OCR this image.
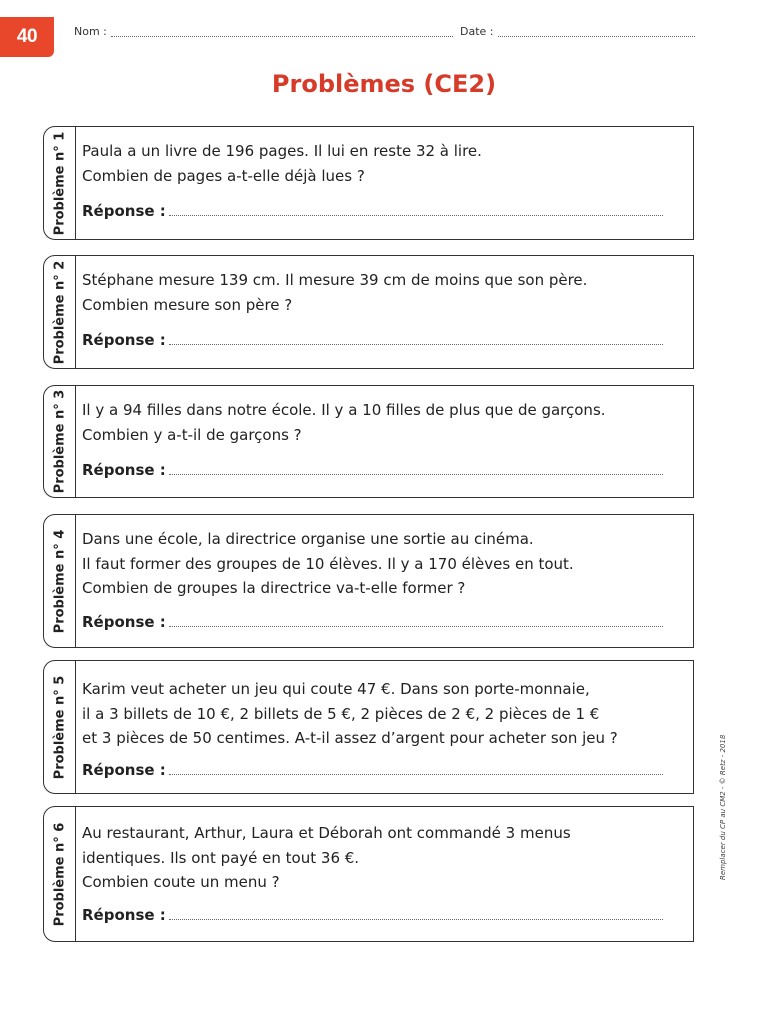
40	Nom :	Date :
Problèmes (CE2)
Problème n° 1 Paula a un livre de 196 pages. Il lui en reste 32 à lire.
Combien de pages a-t-elle déjà lues ?
Réponse :
Problème n° 2 Stéphane mesure 139 cm. Il mesure 39 cm de moins que son père.
Combien mesure son père ?
Réponse :
Problème n° 3 Il y a 94 filles dans notre école. Il y a 10 filles de plus que de garçons.
Combien y a-t-il de garçons ?
Réponse :
Problème n° 4 Dans une école, la directrice organise une sortie au cinéma.
Il faut former des groupes de 10 élèves. Il y a 170 élèves en tout.
Combien de groupes la directrice va-t-elle former ?
Réponse :
Problème n° 5 Karim veut acheter un jeu qui coute 47 €. Dans son porte-monnaie,
il a 3 billets de 10 €, 2 billets de 5 €, 2 pièces de 2 €, 2 pièces de 1 €
et 3 pièces de 50 centimes. A-t-il assez d’argent pour acheter son jeu ?
Réponse :
Problème n° 6 Au restaurant, Arthur, Laura et Déborah ont commandé 3 menus
identiques. Ils ont payé en tout 36 €.
Combien coute un menu ?
Réponse :
Remplacer du CP au CM2 - © Retz - 2018
